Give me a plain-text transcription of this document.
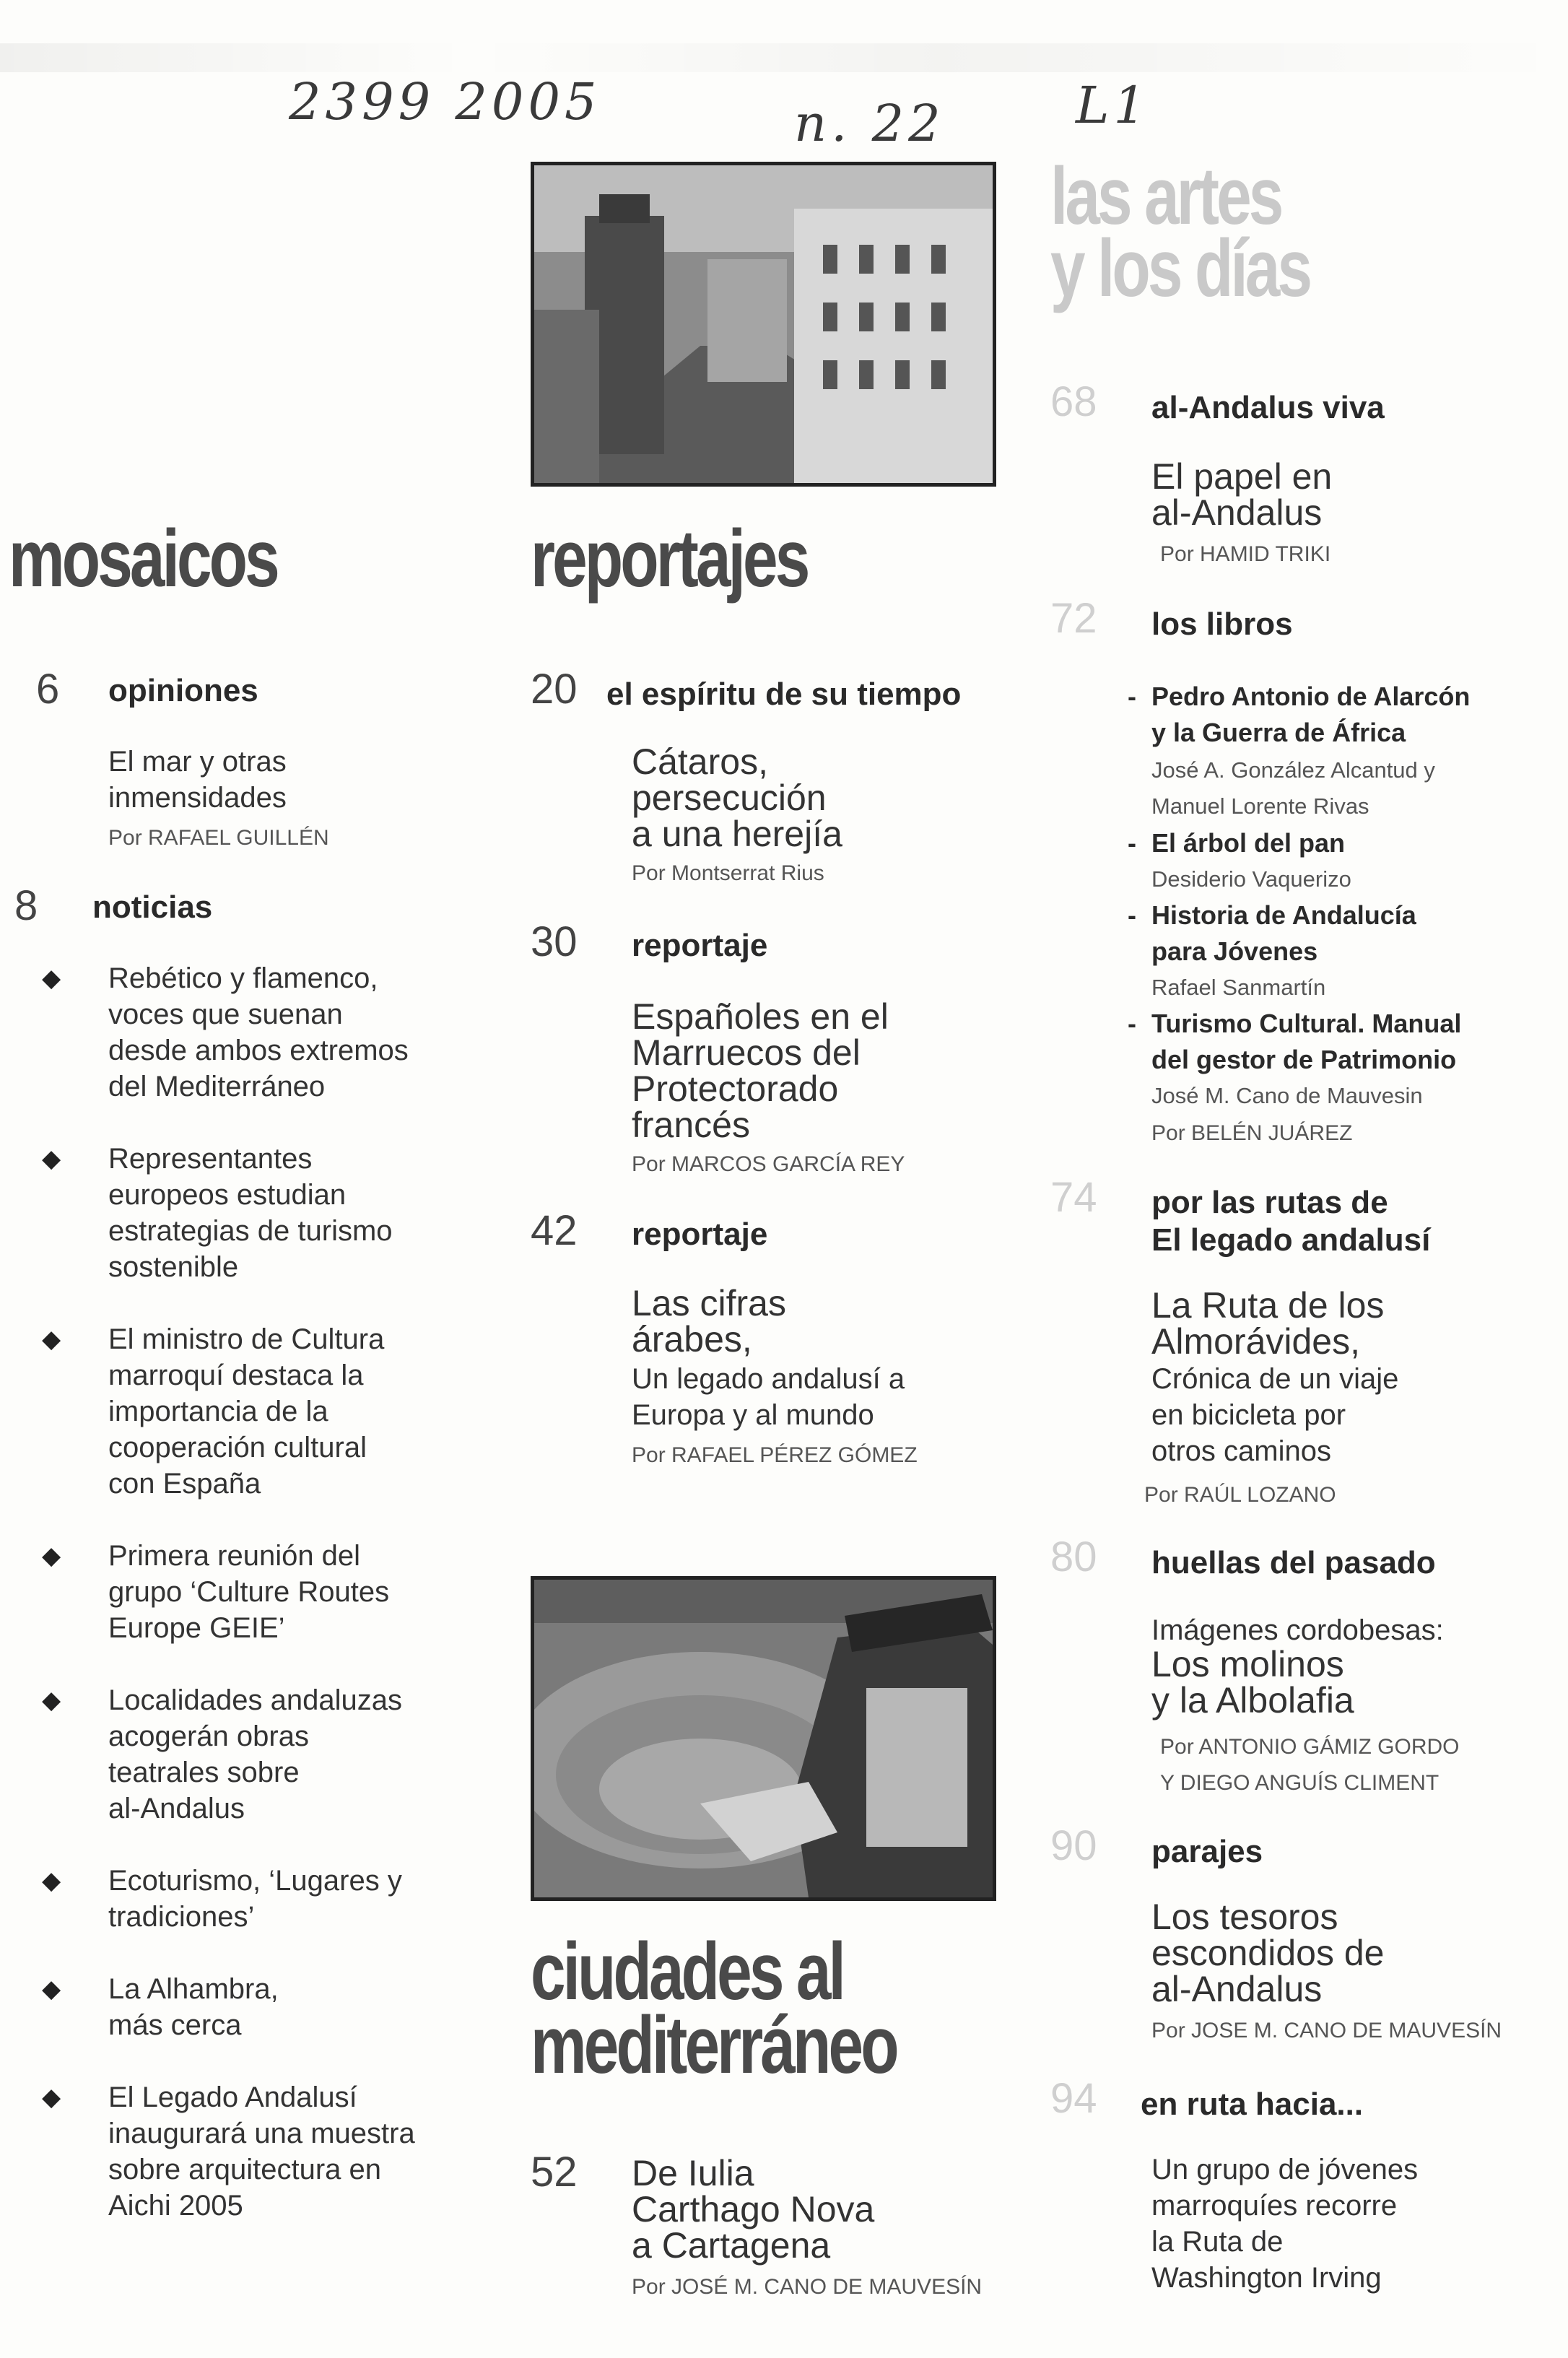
2399 2005	n. 22	L1
mosaicos
6 opiniones
El mar y otras
inmensidades
Por RAFAEL GUILLÉN
8 noticias
◆ Rebético y flamenco,
voces que suenan
desde ambos extremos
del Mediterráneo
◆ Representantes
europeos estudian
estrategias de turismo
sostenible
◆ El ministro de Cultura
marroquí destaca la
importancia de la
cooperación cultural
con España
◆ Primera reunión del
grupo ‘Culture Routes
Europe GEIE’
◆ Localidades andaluzas
acogerán obras
teatrales sobre
al-Andalus
◆ Ecoturismo, ‘Lugares y
tradiciones’
◆ La Alhambra,
más cerca
◆ El Legado Andalusí
inaugurará una muestra
sobre arquitectura en
Aichi 2005
reportajes
20 el espíritu de su tiempo
Cátaros,
persecución
a una herejía
Por Montserrat Rius
30 reportaje
Españoles en el
Marruecos del
Protectorado
francés
Por MARCOS GARCÍA REY
42 reportaje
Las cifras
árabes,
Un legado andalusí a
Europa y al mundo
Por RAFAEL PÉREZ GÓMEZ
ciudades al
mediterráneo
52 De Iulia
Carthago Nova
a Cartagena
Por JOSÉ M. CANO DE MAUVESÍN
las artes
y los días
68 al-Andalus viva
El papel en
al-Andalus
Por HAMID TRIKI
72 los libros
- Pedro Antonio de Alarcón
y la Guerra de África
José A. González Alcantud y
Manuel Lorente Rivas
- El árbol del pan
Desiderio Vaquerizo
- Historia de Andalucía
para Jóvenes
Rafael Sanmartín
- Turismo Cultural. Manual
del gestor de Patrimonio
José M. Cano de Mauvesin
Por BELÉN JUÁREZ
74 por las rutas de
El legado andalusí
La Ruta de los
Almorávides,
Crónica de un viaje
en bicicleta por
otros caminos
Por RAÚL LOZANO
80 huellas del pasado
Imágenes cordobesas:
Los molinos
y la Albolafia
Por ANTONIO GÁMIZ GORDO
Y DIEGO ANGUÍS CLIMENT
90 parajes
Los tesoros
escondidos de
al-Andalus
Por JOSE M. CANO DE MAUVESÍN
94 en ruta hacia...
Un grupo de jóvenes
marroquíes recorre
la Ruta de
Washington Irving
